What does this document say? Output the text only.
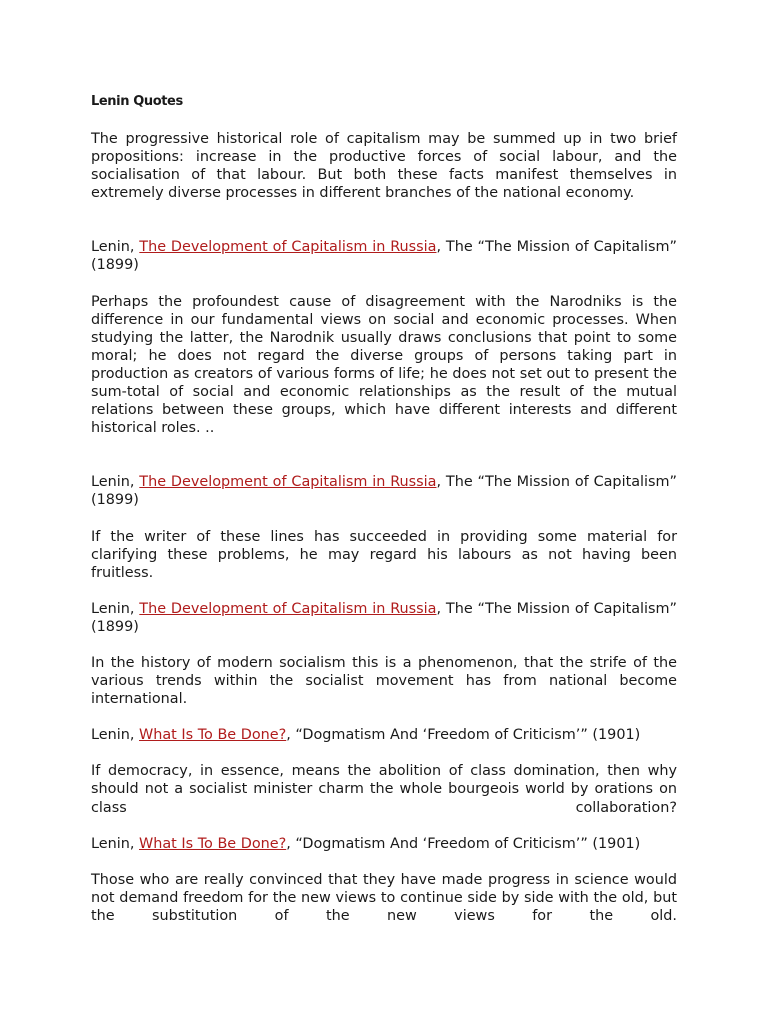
Lenin Quotes

The progressive historical role of capitalism may be summed up in two brief propositions: increase in the productive forces of social labour, and the socialisation of that labour. But both these facts manifest themselves in extremely diverse processes in different branches of the national economy.

Lenin, The Development of Capitalism in Russia, The “The Mission of Capitalism” (1899)

Perhaps the profoundest cause of disagreement with the Narodniks is the difference in our fundamental views on social and economic processes. When studying the latter, the Narodnik usually draws conclusions that point to some moral; he does not regard the diverse groups of persons taking part in production as creators of various forms of life; he does not set out to present the sum-total of social and economic relationships as the result of the mutual relations between these groups, which have different interests and different historical roles. ..

Lenin, The Development of Capitalism in Russia, The “The Mission of Capitalism” (1899)

If the writer of these lines has succeeded in providing some material for clarifying these problems, he may regard his labours as not having been fruitless.

Lenin, The Development of Capitalism in Russia, The “The Mission of Capitalism” (1899)

In the history of modern socialism this is a phenomenon, that the strife of the various trends within the socialist movement has from national become international.

Lenin, What Is To Be Done?, “Dogmatism And ‘Freedom of Criticism’” (1901)

If democracy, in essence, means the abolition of class domination, then why should not a socialist minister charm the whole bourgeois world by orations on class collaboration?

Lenin, What Is To Be Done?, “Dogmatism And ‘Freedom of Criticism’” (1901)

Those who are really convinced that they have made progress in science would not demand freedom for the new views to continue side by side with the old, but the substitution of the new views for the old.
